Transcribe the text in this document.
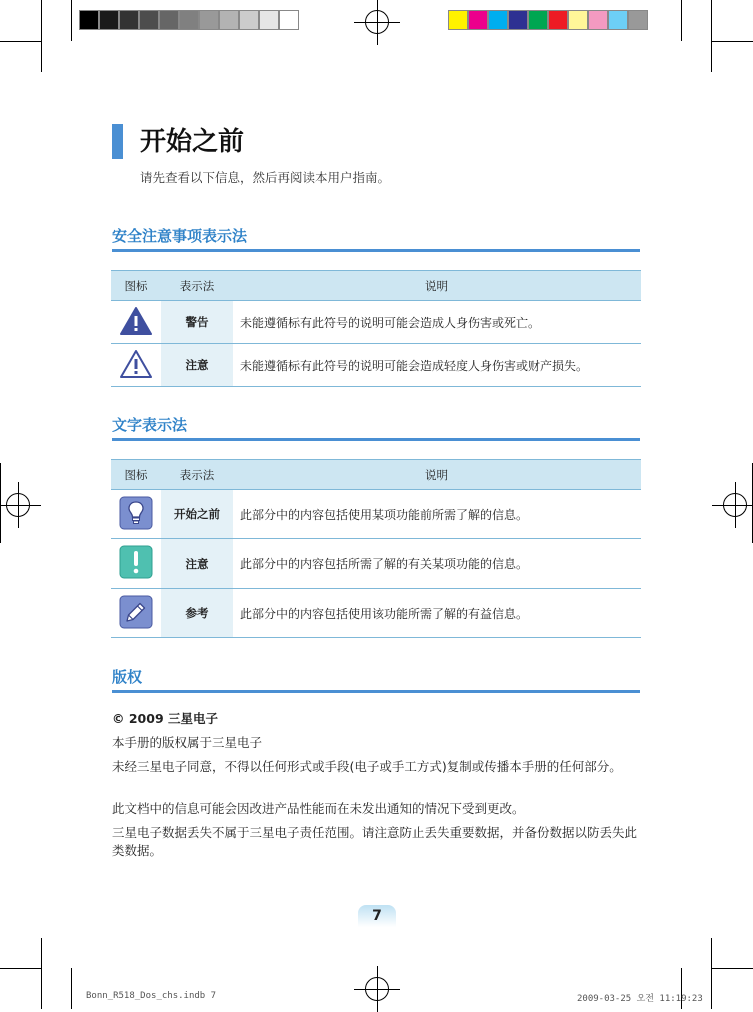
开始之前
请先查看以下信息，然后再阅读本用户指南。
安全注意事项表示法
图标	表示法	说明
	警告	未能遵循标有此符号的说明可能会造成人身伤害或死亡。
	注意	未能遵循标有此符号的说明可能会造成轻度人身伤害或财产损失。
文字表示法
图标	表示法	说明
	开始之前	此部分中的内容包括使用某项功能前所需了解的信息。
	注意	此部分中的内容包括所需了解的有关某项功能的信息。
	参考	此部分中的内容包括使用该功能所需了解的有益信息。
版权
© 2009 三星电子
本手册的版权属于三星电子
未经三星电子同意，不得以任何形式或手段(电子或手工方式)复制或传播本手册的任何部分。
此文档中的信息可能会因改进产品性能而在未发出通知的情况下受到更改。
三星电子数据丢失不属于三星电子责任范围。请注意防止丢失重要数据，并备份数据以防丢失此类数据。
7
Bonn_R518_Dos_chs.indb 7	2009-03-25 오전 11:19:23
